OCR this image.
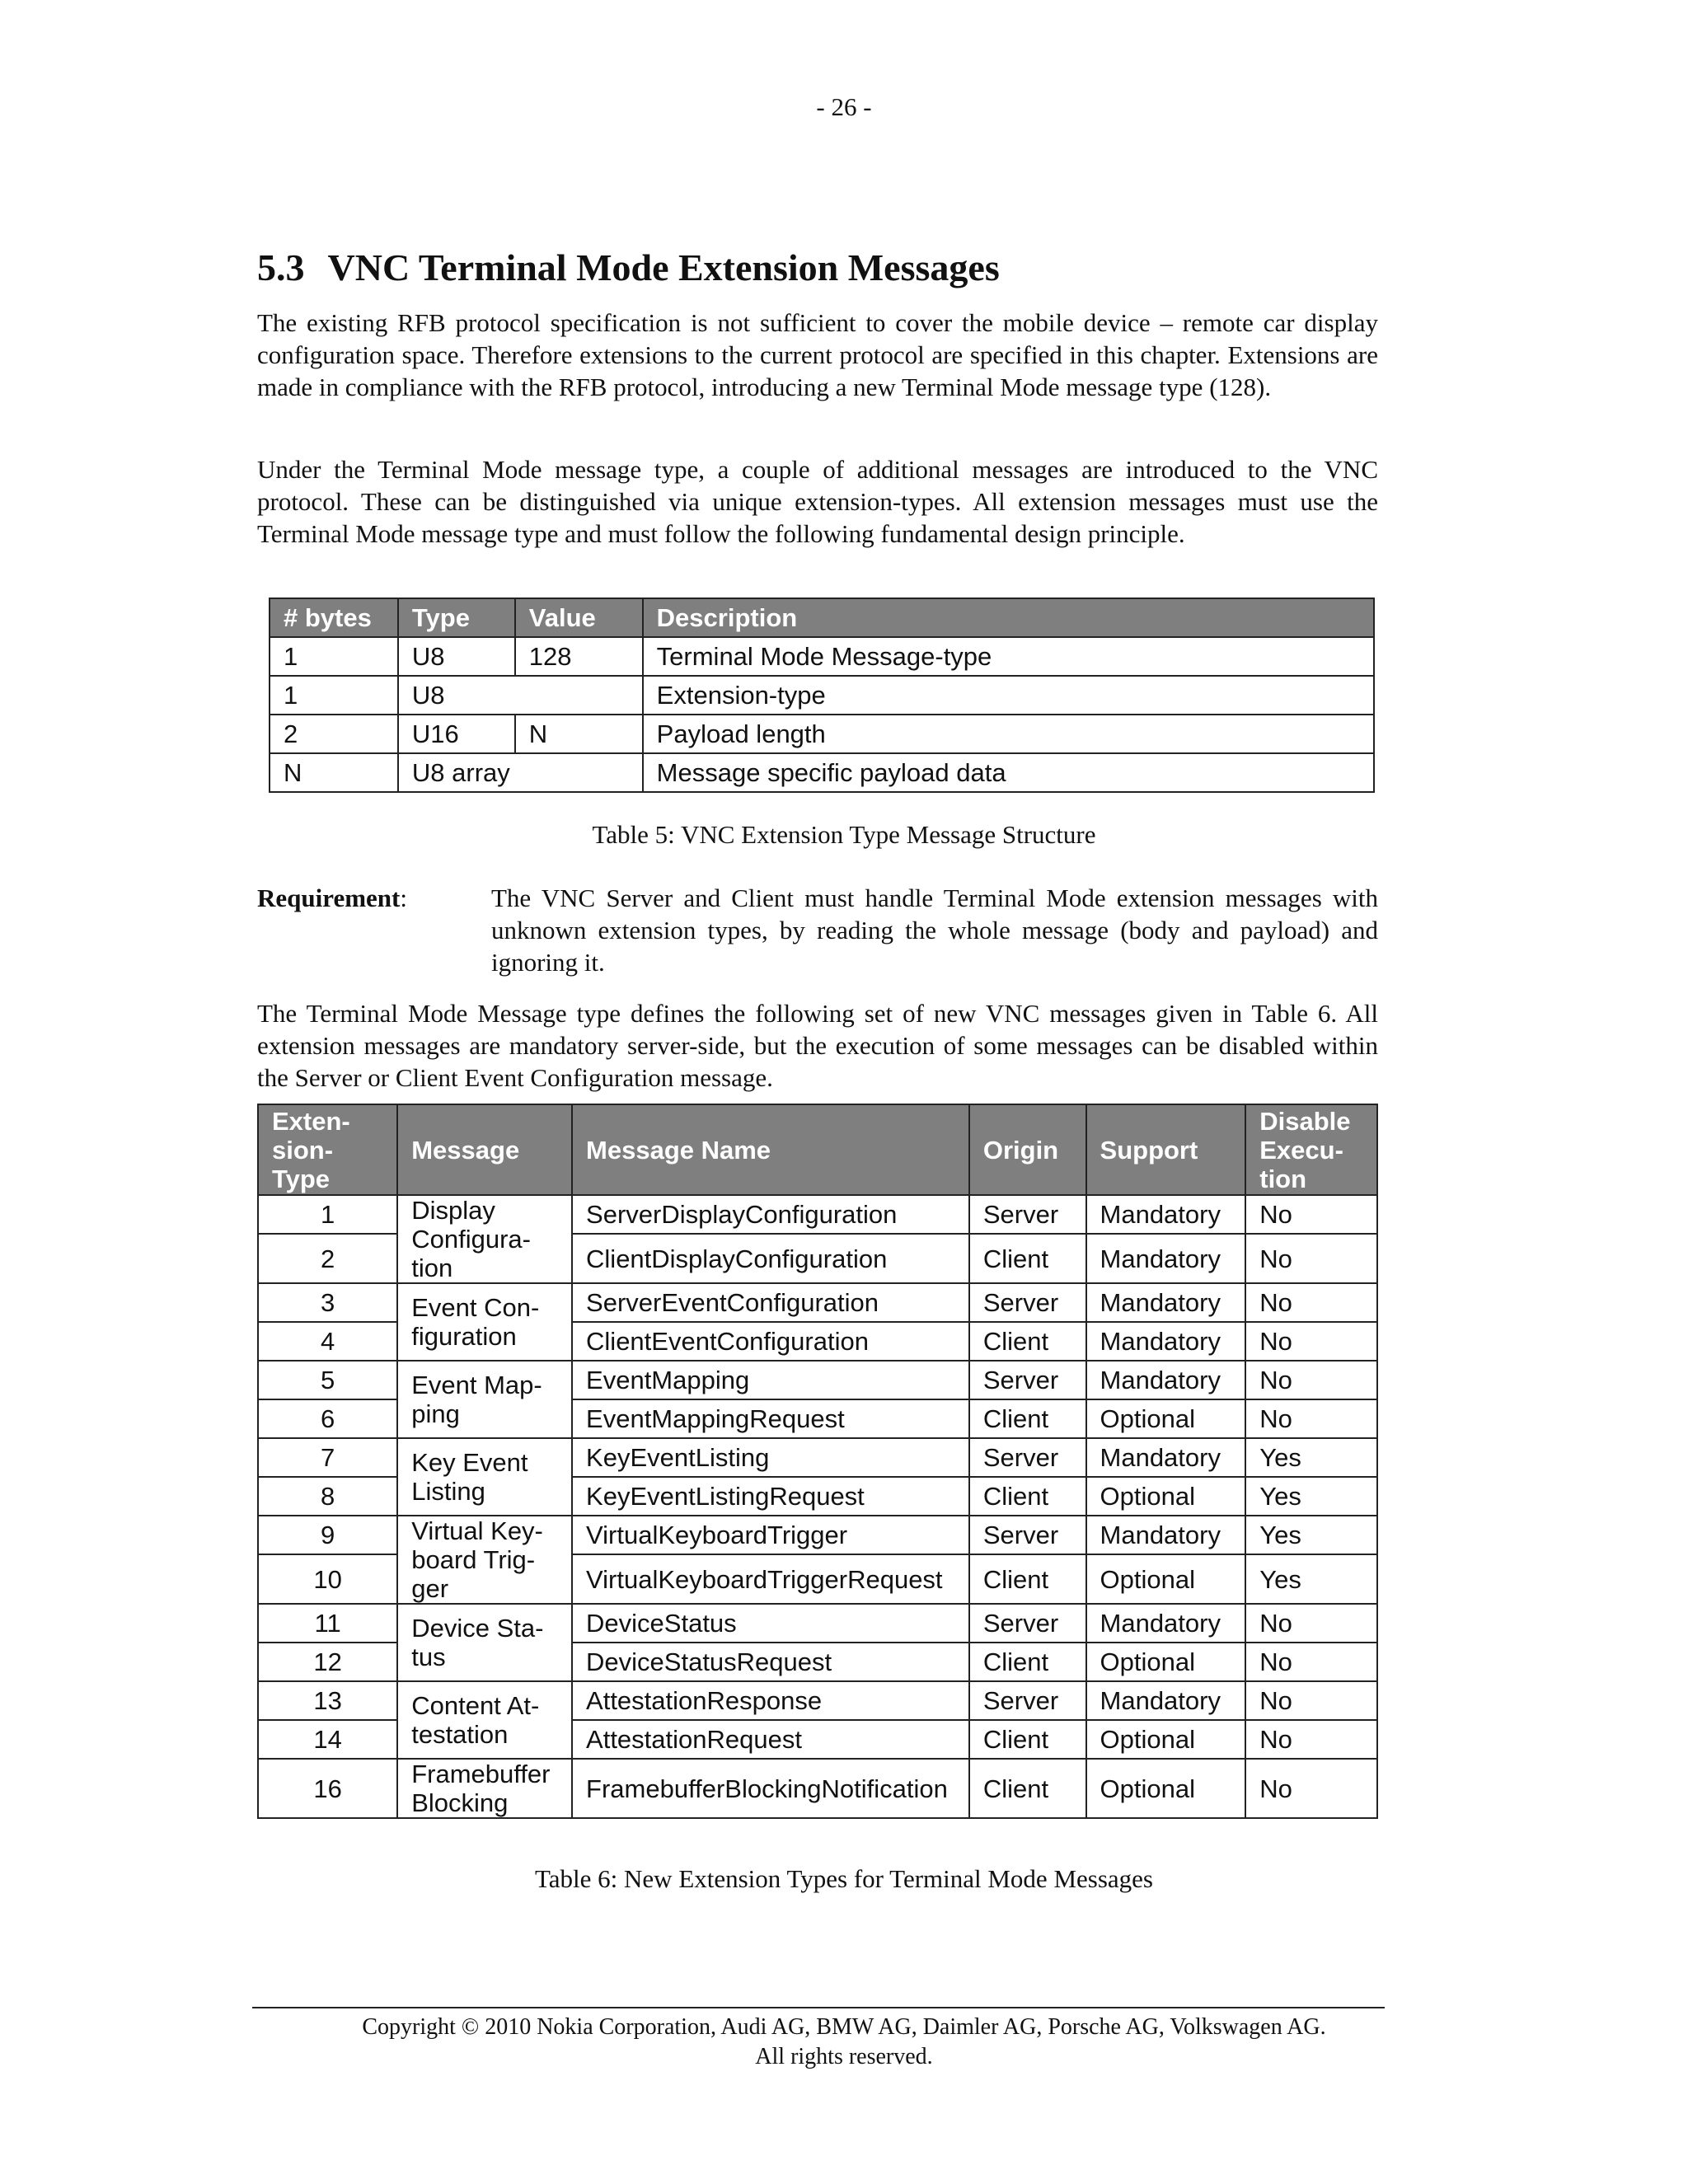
- 26 -
5.3 VNC Terminal Mode Extension Messages

The existing RFB protocol specification is not sufficient to cover the mobile device – remote car display configuration space. Therefore extensions to the current protocol are specified in this chapter. Extensions are made in compliance with the RFB protocol, introducing a new Terminal Mode message type (128).

Under the Terminal Mode message type, a couple of additional messages are introduced to the VNC protocol. These can be distinguished via unique extension-types. All extension messages must use the Terminal Mode message type and must follow the following fundamental design principle.

# bytes	Type	Value	Description
1	U8	128	Terminal Mode Message-type
1	U8		Extension-type
2	U16	N	Payload length
N	U8 array		Message specific payload data
Table 5: VNC Extension Type Message Structure
Requirement:	The VNC Server and Client must handle Terminal Mode extension messages with unknown extension types, by reading the whole message (body and payload) and ignoring it.

The Terminal Mode Message type defines the following set of new VNC messages given in Table 6. All extension messages are mandatory server-side, but the execution of some messages can be disabled within the Server or Client Event Configuration message.

Exten- sion- Type	Message	Message Name	Origin	Support	Disable Execu- tion
1	Display Configura- tion	ServerDisplayConfiguration	Server	Mandatory	No
2		ClientDisplayConfiguration	Client	Mandatory	No
3	Event Con- figuration	ServerEventConfiguration	Server	Mandatory	No
4		ClientEventConfiguration	Client	Mandatory	No
5	Event Map- ping	EventMapping	Server	Mandatory	No
6		EventMappingRequest	Client	Optional	No
7	Key Event Listing	KeyEventListing	Server	Mandatory	Yes
8		KeyEventListingRequest	Client	Optional	Yes
9	Virtual Key- board Trig- ger	VirtualKeyboardTrigger	Server	Mandatory	Yes
10		VirtualKeyboardTriggerRequest	Client	Optional	Yes
11	Device Sta- tus	DeviceStatus	Server	Mandatory	No
12		DeviceStatusRequest	Client	Optional	No
13	Content At- testation	AttestationResponse	Server	Mandatory	No
14		AttestationRequest	Client	Optional	No
16	Framebuffer Blocking	FramebufferBlockingNotification	Client	Optional	No
Table 6: New Extension Types for Terminal Mode Messages
Copyright © 2010 Nokia Corporation, Audi AG, BMW AG, Daimler AG, Porsche AG, Volkswagen AG.
All rights reserved.
